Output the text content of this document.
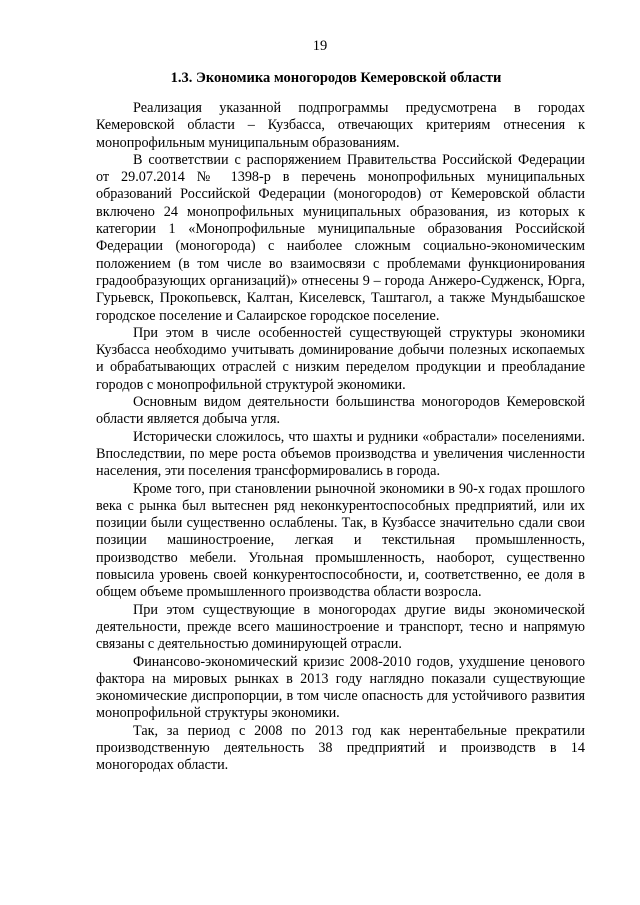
19
1.3. Экономика моногородов Кемеровской области

Реализация указанной подпрограммы предусмотрена в городах Кемеровской области – Кузбасса, отвечающих критериям отнесения к монопрофильным муниципальным образованиям.

В соответствии с распоряжением Правительства Российской Федерации от 29.07.2014 № 1398-р в перечень монопрофильных муниципальных образований Российской Федерации (моногородов) от Кемеровской области включено 24 монопрофильных муниципальных образования, из которых к категории 1 «Монопрофильные муниципальные образования Российской Федерации (моногорода) с наиболее сложным социально-экономическим положением (в том числе во взаимосвязи с проблемами функционирования градообразующих организаций)» отнесены 9 – города Анжеро-Судженск, Юрга, Гурьевск, Прокопьевск, Калтан, Киселевск, Таштагол, а также Мундыбашское городское поселение и Салаирское городское поселение.

При этом в числе особенностей существующей структуры экономики Кузбасса необходимо учитывать доминирование добычи полезных ископаемых и обрабатывающих отраслей с низким переделом продукции и преобладание городов с монопрофильной структурой экономики.

Основным видом деятельности большинства моногородов Кемеровской области является добыча угля.

Исторически сложилось, что шахты и рудники «обрастали» поселениями. Впоследствии, по мере роста объемов производства и увеличения численности населения, эти поселения трансформировались в города.

Кроме того, при становлении рыночной экономики в 90-х годах прошлого века с рынка был вытеснен ряд неконкурентоспособных предприятий, или их позиции были существенно ослаблены. Так, в Кузбассе значительно сдали свои позиции машиностроение, легкая и текстильная промышленность, производство мебели. Угольная промышленность, наоборот, существенно повысила уровень своей конкурентоспособности, и, соответственно, ее доля в общем объеме промышленного производства области возросла.

При этом существующие в моногородах другие виды экономической деятельности, прежде всего машиностроение и транспорт, тесно и напрямую связаны с деятельностью доминирующей отрасли.

Финансово-экономический кризис 2008-2010 годов, ухудшение ценового фактора на мировых рынках в 2013 году наглядно показали существующие экономические диспропорции, в том числе опасность для устойчивого развития монопрофильной структуры экономики.

Так, за период с 2008 по 2013 год как нерентабельные прекратили производственную деятельность 38 предприятий и производств в 14 моногородах области.
